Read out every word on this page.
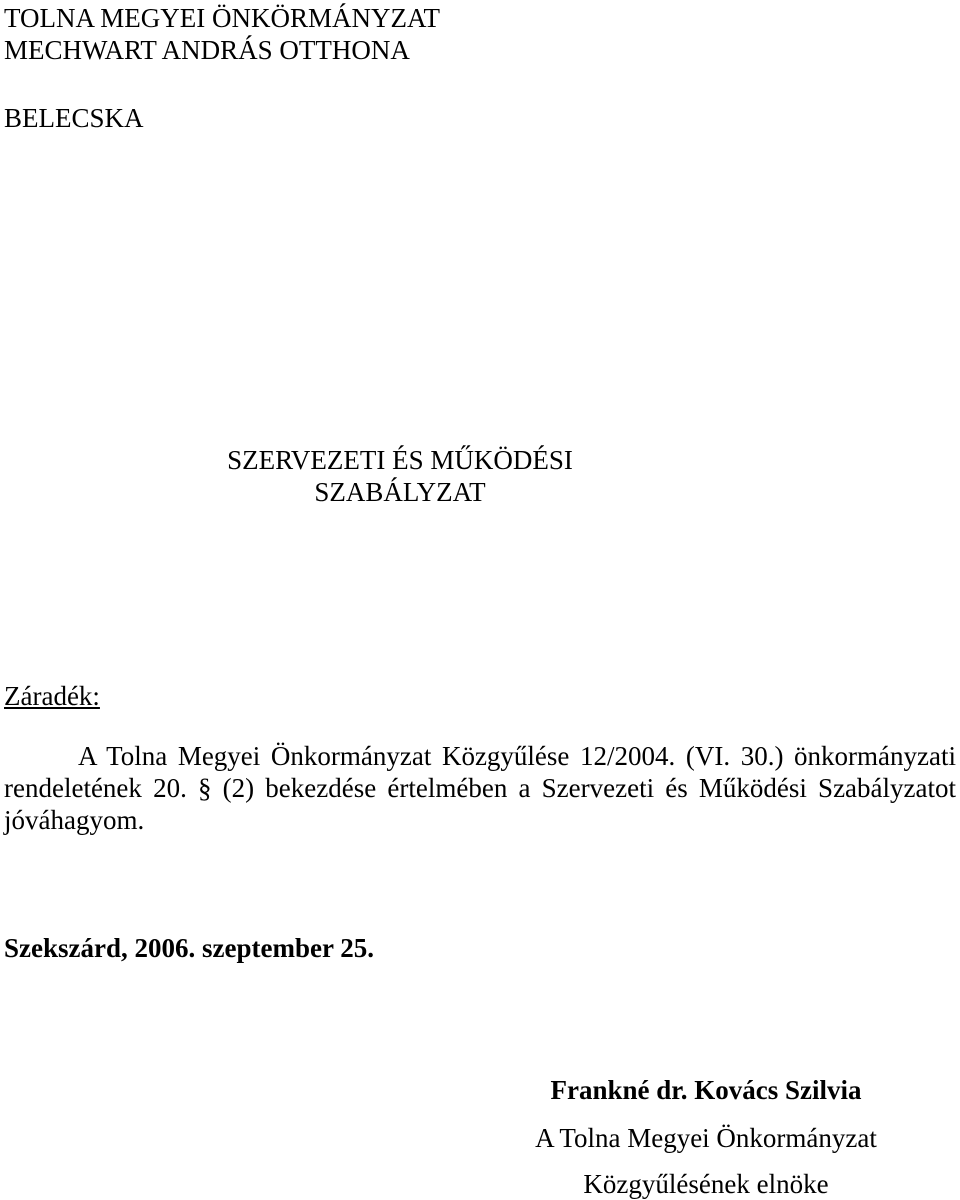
TOLNA MEGYEI ÖNKÖRMÁNYZAT
MECHWART ANDRÁS OTTHONA
BELECSKA
SZERVEZETI ÉS MŰKÖDÉSI
SZABÁLYZAT
Záradék:

A Tolna Megyei Önkormányzat Közgyűlése 12/2004. (VI. 30.) önkormányzati rendeletének 20. § (2) bekezdése értelmében a Szervezeti és Működési Szabályzatot jóváhagyom.

Szekszárd, 2006. szeptember 25.
Frankné dr. Kovács Szilvia
A Tolna Megyei Önkormányzat
Közgyűlésének elnöke
